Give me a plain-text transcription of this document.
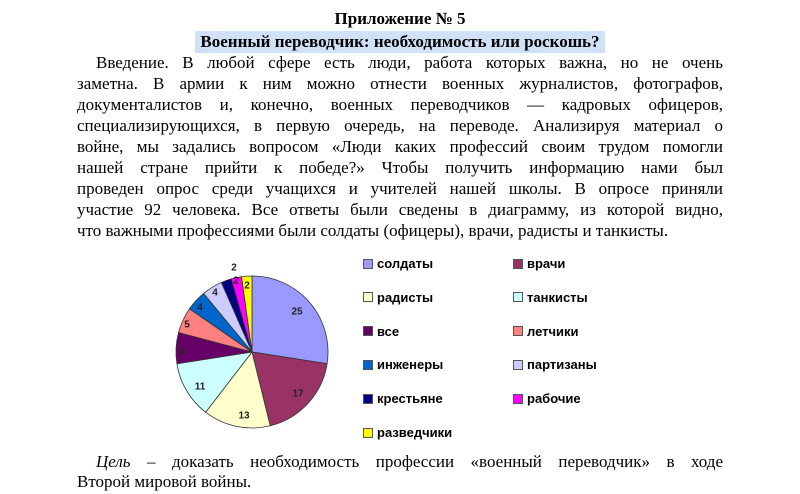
Приложение № 5
Военный переводчик: необходимость или роскошь?
Введение. В любой сфере есть люди, работа которых важна, но не очень
заметна. В армии к ним можно отнести военных журналистов, фотографов,
документалистов и, конечно, военных переводчиков — кадровых офицеров,
специализирующихся, в первую очередь, на переводе. Анализируя материал о
войне, мы задались вопросом «Люди каких профессий своим трудом помогли
нашей стране прийти к победе?» Чтобы получить информацию нами был
проведен опрос среди учащихся и учителей нашей школы. В опросе приняли
участие 92 человека. Все ответы были сведены в диаграмму, из которой видно,
что важными профессиями были солдаты (офицеры), врачи, радисты и танкисты.
25
17
13
11
6
5
4
4
2
2 2
солдаты	врачи
радисты	танкисты
все	летчики
инженеры	партизаны
крестьяне	рабочие
разведчики
Цель – доказать необходимость профессии «военный переводчик» в ходе
Второй мировой войны.
